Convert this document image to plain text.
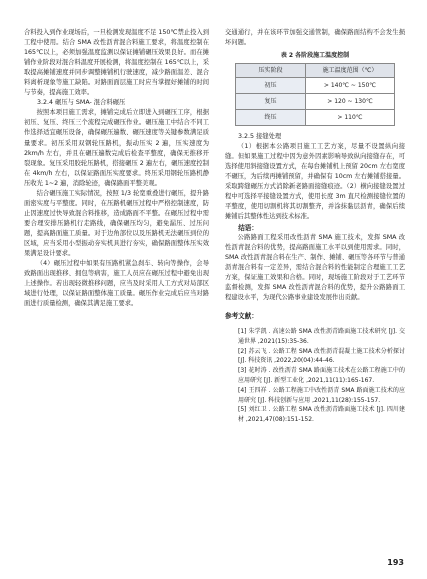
合料投入到作业现场后，一旦检测发现温度不足 150℃禁止投入到工程中使用。结合 SMA 改性沥青混合料施工要求，将温度控制在 165℃以上，必须加强温度监测以保证摊铺碾压效果良好。而在摊铺作业阶段对混合料温度开展检测，将温度控制在 165℃以上，采取提高摊铺速度并同步调整摊铺机行驶速度，减少路面温差、混合料离析现象等施工缺陷。对路面面层施工时应当掌握好摊铺的时间与节奏，提高施工效率。

3.2.4 碾压与 SMA- 混合料碾压

按照本项目施工需求，摊铺完成后立即进入到碾压工序，根据初压、复压、终压三个流程完成碾压作业。碾压施工中结合不同工作选择适宜碾压设备，确保碾压遍数、碾压速度等关键参数满足质量要求。初压采用双钢轮压路机，振动压实 2 遍，压实速度为 2km/h 左右，并且在碾压遍数完成后检查平整度，确保无推移开裂现象。复压采用胶轮压路机，搭接碾压 2 遍左右，碾压速度控制在 4km/h 左右，以保证路面压实度要求。终压采用钢轮压路机静压收光 1~2 遍，消除轮迹，确保路面平整美观。

结合碾压施工实际情况，按照 1/3 轮宽重叠进行碾压，提升路面密实度与平整度。同时，在压路机碾压过程中严格控制速度，防止因速度过快导致混合料推移，造成路面不平整。在碾压过程中需要合理安排压路机行走路线，确保碾压均匀，避免漏压、过压问题，提高路面施工质量。对于边角部位以及压路机无法碾压到位的区域，应当采用小型振动夯实机具进行夯实，确保路面整体压实效果满足设计要求。

（4）碾压过程中如果有压路机紧急刹车、转向等操作，会导致路面出现推移、拥包等病害，施工人员应在碾压过程中避免出现上述操作。若出现轻微推移问题，应当及时采用人工方式对局部区域进行处理，以保证路面整体施工质量。碾压作业完成后应当对路面进行质量检测，确保其满足施工要求。

交通通行，并在该环节加强交通管制，确保路面结构不会发生损坏问题。

表 2 各阶段施工温度控制
压实阶段	施工温度范围（℃）
初压	> 140℃ ~ 150℃
复压	> 120 ~ 130℃
终压	> 110℃
3.2.5 接缝处理

（1）根据本公路项目施工工艺方案，尽量不设置纵向接缝。但如果施工过程中因为意外因素影响导致纵向接缝存在，可选择使用斜接缝设置方式，在每台摊铺机上预留 20cm 左右宽度不碾压，为后续再摊铺预留，并确保有 10cm 左右摊铺搭接量。采取跨缝碾压方式消除新老路面接缝痕迹。（2）横向接缝设置过程中可选择平接缝设置方式，使用长度 3m 直尺检测接缝位置的平整度，使用切割机将其切割整齐，并涂抹黏层沥青，确保后续摊铺后其整体性达到技术标准。

结语：

公路路面工程采用改性沥青 SMA 施工技术，发挥 SMA 改性沥青混合料的优势，提高路面施工水平以到使用需求。同时，SMA 改性沥青混合料在生产、制作、摊铺、碾压等各环节与普通沥青混合料有一定差异，需结合混合料的性能制定合理施工工艺方案，保证施工效果和合格。同时，现场施工阶段对于工艺环节监督检测，发挥 SMA 改性沥青混合料的优势，提升公路路面工程建设水平，为现代公路事业建设发展作出贡献。

参考文献：
[1] 朱学凯 . 高速公路 SMA 改性沥青路面施工技术研究 [J]. 交通世界 ,2021(15):35-36.
[2] 苏云飞 . 公路工程 SMA 改性沥青混凝土施工技术分析探讨 [J]. 科技资讯 ,2022,20(04):44-46.
[3] 花时涛 . 改性沥青 SMA 路面施工技术在公路工程施工中的应用研究 [J]. 新型工业化 ,2021,11(11):165-167.
[4] 王四祥 . 公路工程施工中改性沥青 SMA 路面施工技术的应用研究 [J]. 科技创新与应用 ,2021,11(28):155-157.
[5] 刘红卫 . 公路工程 SMA 改性沥青路面施工技术 [J]. 四川建材 ,2021,47(08):151-152.
193
